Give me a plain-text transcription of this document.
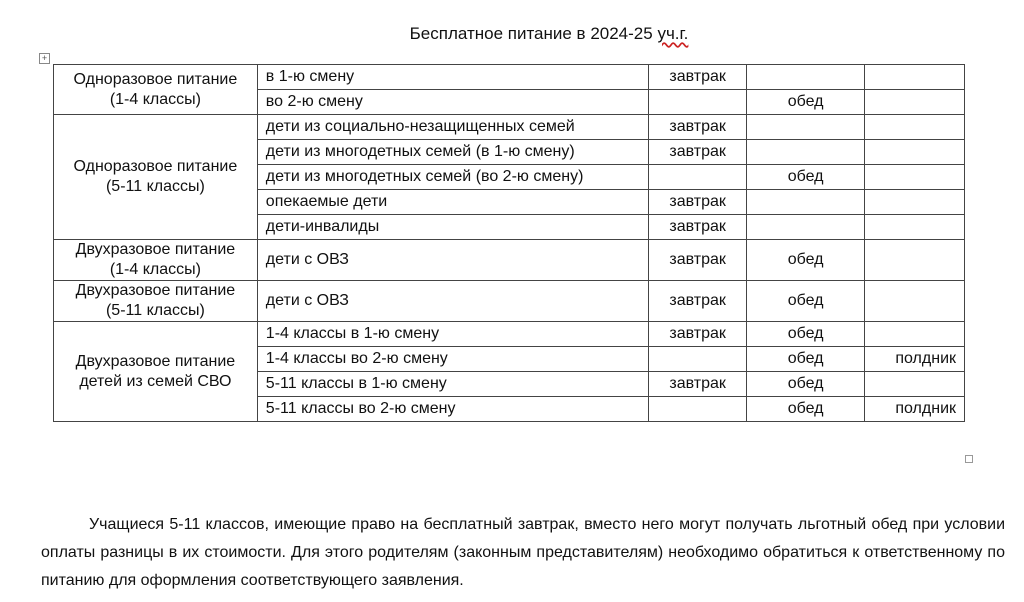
Бесплатное питание в 2024-25 уч.г.
+
Одноразовое питание
(1-4 классы)	в 1-ю смену	завтрак		
	во 2-ю смену		обед	

Одноразовое питание
(5-11 классы)	дети из социально-незащищенных семей	завтрак		
	дети из многодетных семей (в 1-ю смену)	завтрак		
	дети из многодетных семей (во 2-ю смену)		обед	
	опекаемые дети	завтрак		
	дети-инвалиды	завтрак		

Двухразовое питание
(1-4 классы)	дети с ОВЗ	завтрак	обед	

Двухразовое питание
(5-11 классы)	дети с ОВЗ	завтрак	обед	

Двухразовое питание
детей из семей СВО	1-4 классы в 1-ю смену	завтрак	обед	
	1-4 классы во 2-ю смену		обед	полдник
	5-11 классы в 1-ю смену	завтрак	обед	
	5-11 классы во 2-ю смену		обед	полдник

Учащиеся 5-11 классов, имеющие право на бесплатный завтрак, вместо него могут получать льготный обед при условии оплаты разницы в их стоимости. Для этого родителям (законным представителям) необходимо обратиться к ответственному по питанию для оформления соответствующего заявления.
